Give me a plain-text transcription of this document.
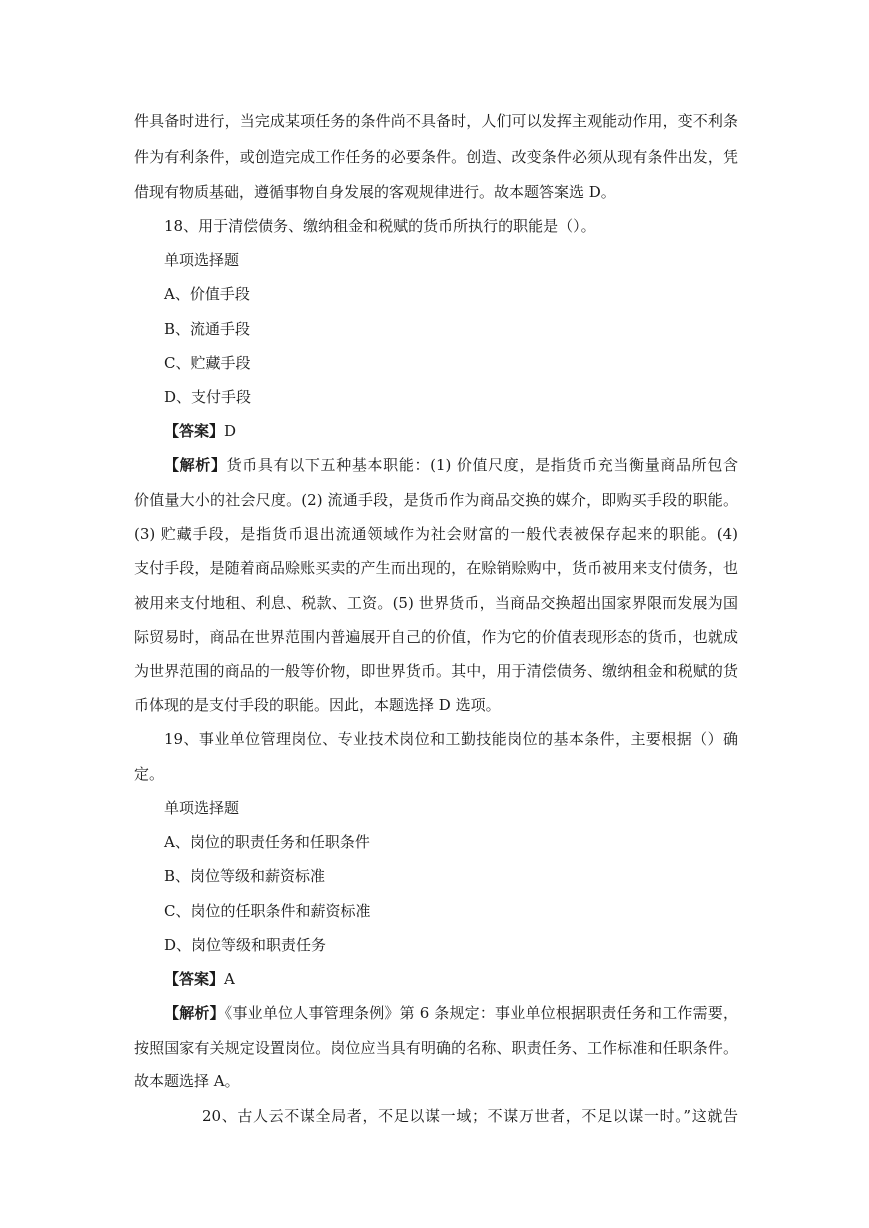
件具备时进行，当完成某项任务的条件尚不具备时，人们可以发挥主观能动作用，变不利条
件为有利条件，或创造完成工作任务的必要条件。创造、改变条件必须从现有条件出发，凭
借现有物质基础，遵循事物自身发展的客观规律进行。故本题答案选 D。
18、用于清偿债务、缴纳租金和税赋的货币所执行的职能是（）。
单项选择题
A、价值手段
B、流通手段
C、贮藏手段
D、支付手段
【答案】D
【解析】货币具有以下五种基本职能：(1) 价值尺度，是指货币充当衡量商品所包含
价值量大小的社会尺度。(2) 流通手段，是货币作为商品交换的媒介，即购买手段的职能。
(3) 贮藏手段，是指货币退出流通领域作为社会财富的一般代表被保存起来的职能。(4)
支付手段，是随着商品赊账买卖的产生而出现的，在赊销赊购中，货币被用来支付债务，也
被用来支付地租、利息、税款、工资。(5) 世界货币，当商品交换超出国家界限而发展为国
际贸易时，商品在世界范围内普遍展开自己的价值，作为它的价值表现形态的货币，也就成
为世界范围的商品的一般等价物，即世界货币。其中，用于清偿债务、缴纳租金和税赋的货
币体现的是支付手段的职能。因此，本题选择 D 选项。
19、事业单位管理岗位、专业技术岗位和工勤技能岗位的基本条件，主要根据（）确
定。
单项选择题
A、岗位的职责任务和任职条件
B、岗位等级和薪资标准
C、岗位的任职条件和薪资标准
D、岗位等级和职责任务
【答案】A
【解析】《事业单位人事管理条例》第 6 条规定：事业单位根据职责任务和工作需要，
按照国家有关规定设置岗位。岗位应当具有明确的名称、职责任务、工作标准和任职条件。
故本题选择 A。
20、古人云不谋全局者，不足以谋一域；不谋万世者，不足以谋一时。”这就告
